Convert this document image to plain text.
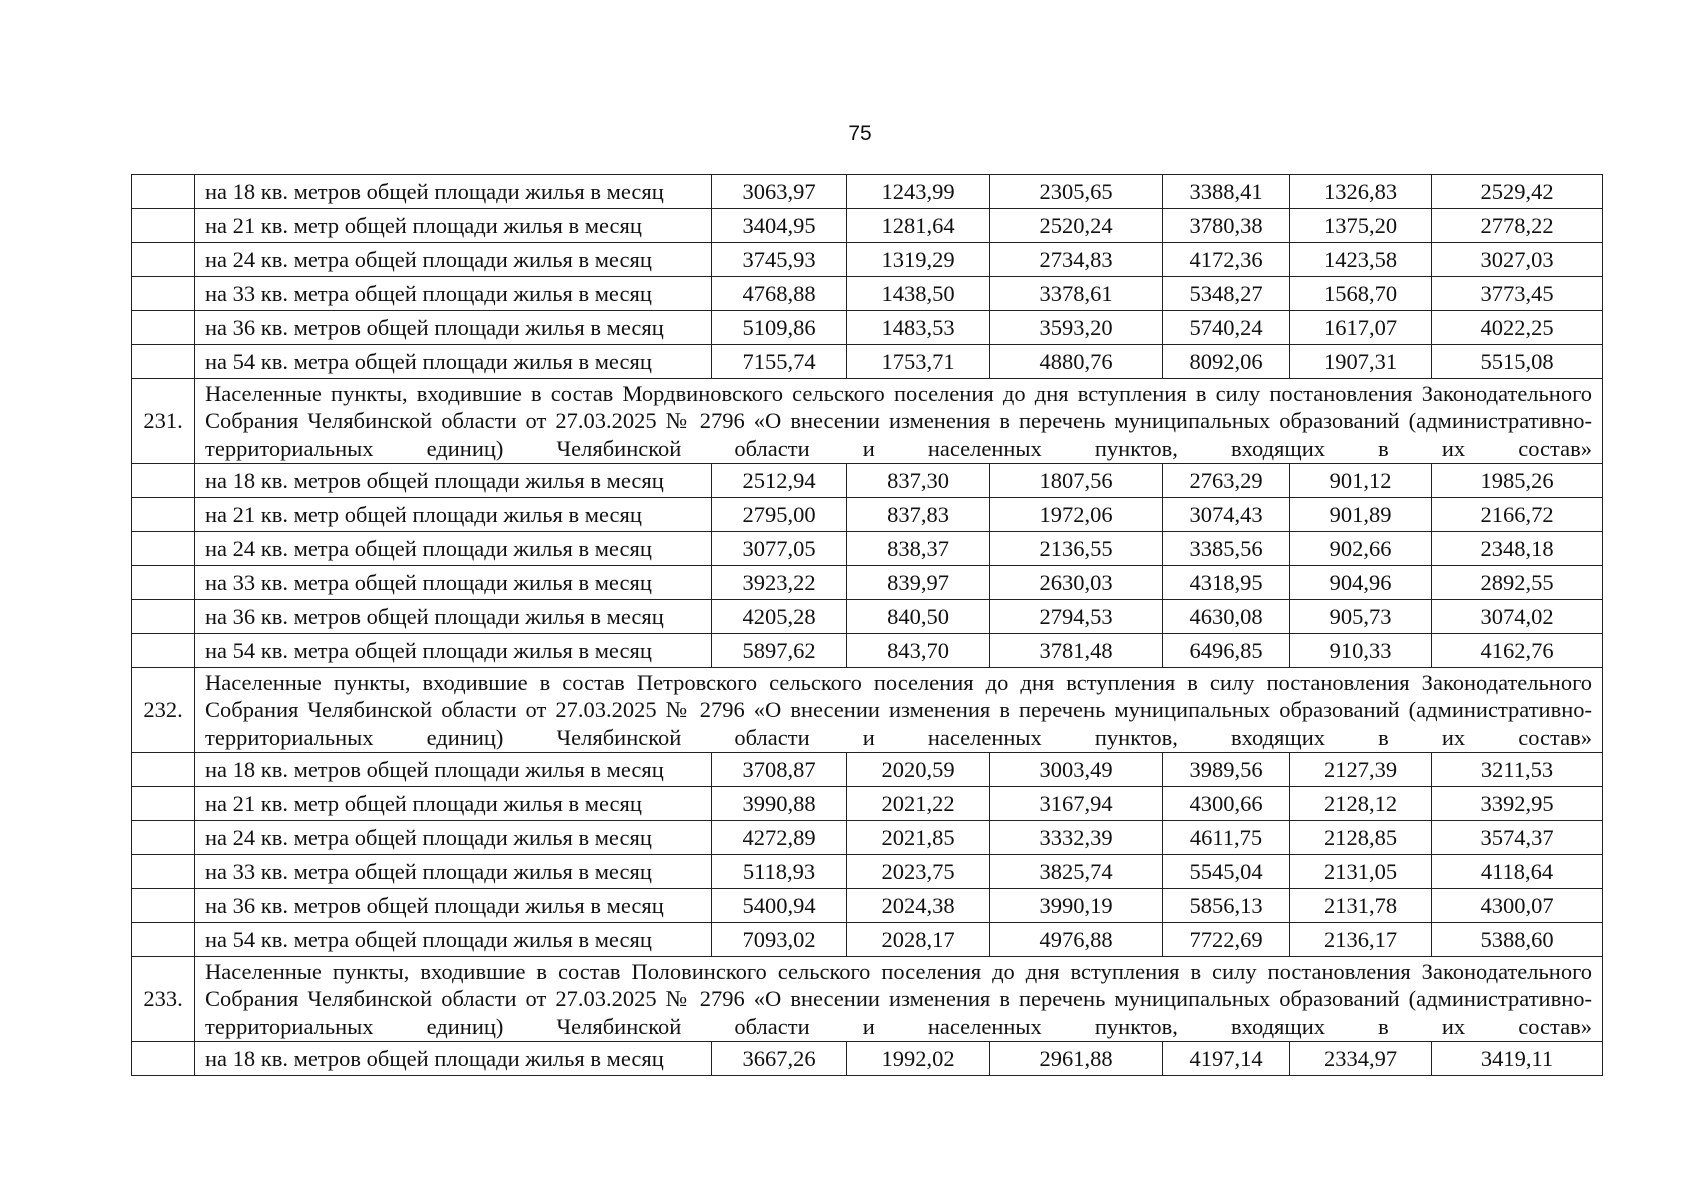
75
	на 18 кв. метров общей площади жилья в месяц	3063,97	1243,99	2305,65	3388,41	1326,83	2529,42
	на 21 кв. метр общей площади жилья в месяц	3404,95	1281,64	2520,24	3780,38	1375,20	2778,22
	на 24 кв. метра общей площади жилья в месяц	3745,93	1319,29	2734,83	4172,36	1423,58	3027,03
	на 33 кв. метра общей площади жилья в месяц	4768,88	1438,50	3378,61	5348,27	1568,70	3773,45
	на 36 кв. метров общей площади жилья в месяц	5109,86	1483,53	3593,20	5740,24	1617,07	4022,25
	на 54 кв. метра общей площади жилья в месяц	7155,74	1753,71	4880,76	8092,06	1907,31	5515,08
231.	Населенные пункты, входившие в состав Мордвиновского сельского поселения до дня вступления в силу постановления Законодательного Собрания Челябинской области от 27.03.2025 № 2796 «О внесении изменения в перечень муниципальных образований (административно-территориальных единиц) Челябинской области и населенных пунктов, входящих в их состав»						
	на 18 кв. метров общей площади жилья в месяц	2512,94	837,30	1807,56	2763,29	901,12	1985,26
	на 21 кв. метр общей площади жилья в месяц	2795,00	837,83	1972,06	3074,43	901,89	2166,72
	на 24 кв. метра общей площади жилья в месяц	3077,05	838,37	2136,55	3385,56	902,66	2348,18
	на 33 кв. метра общей площади жилья в месяц	3923,22	839,97	2630,03	4318,95	904,96	2892,55
	на 36 кв. метров общей площади жилья в месяц	4205,28	840,50	2794,53	4630,08	905,73	3074,02
	на 54 кв. метра общей площади жилья в месяц	5897,62	843,70	3781,48	6496,85	910,33	4162,76
232.	Населенные пункты, входившие в состав Петровского сельского поселения до дня вступления в силу постановления Законодательного Собрания Челябинской области от 27.03.2025 № 2796 «О внесении изменения в перечень муниципальных образований (административно-территориальных единиц) Челябинской области и населенных пунктов, входящих в их состав»						
	на 18 кв. метров общей площади жилья в месяц	3708,87	2020,59	3003,49	3989,56	2127,39	3211,53
	на 21 кв. метр общей площади жилья в месяц	3990,88	2021,22	3167,94	4300,66	2128,12	3392,95
	на 24 кв. метра общей площади жилья в месяц	4272,89	2021,85	3332,39	4611,75	2128,85	3574,37
	на 33 кв. метра общей площади жилья в месяц	5118,93	2023,75	3825,74	5545,04	2131,05	4118,64
	на 36 кв. метров общей площади жилья в месяц	5400,94	2024,38	3990,19	5856,13	2131,78	4300,07
	на 54 кв. метра общей площади жилья в месяц	7093,02	2028,17	4976,88	7722,69	2136,17	5388,60
233.	Населенные пункты, входившие в состав Половинского сельского поселения до дня вступления в силу постановления Законодательного Собрания Челябинской области от 27.03.2025 № 2796 «О внесении изменения в перечень муниципальных образований (административно-территориальных единиц) Челябинской области и населенных пунктов, входящих в их состав»						
	на 18 кв. метров общей площади жилья в месяц	3667,26	1992,02	2961,88	4197,14	2334,97	3419,11
